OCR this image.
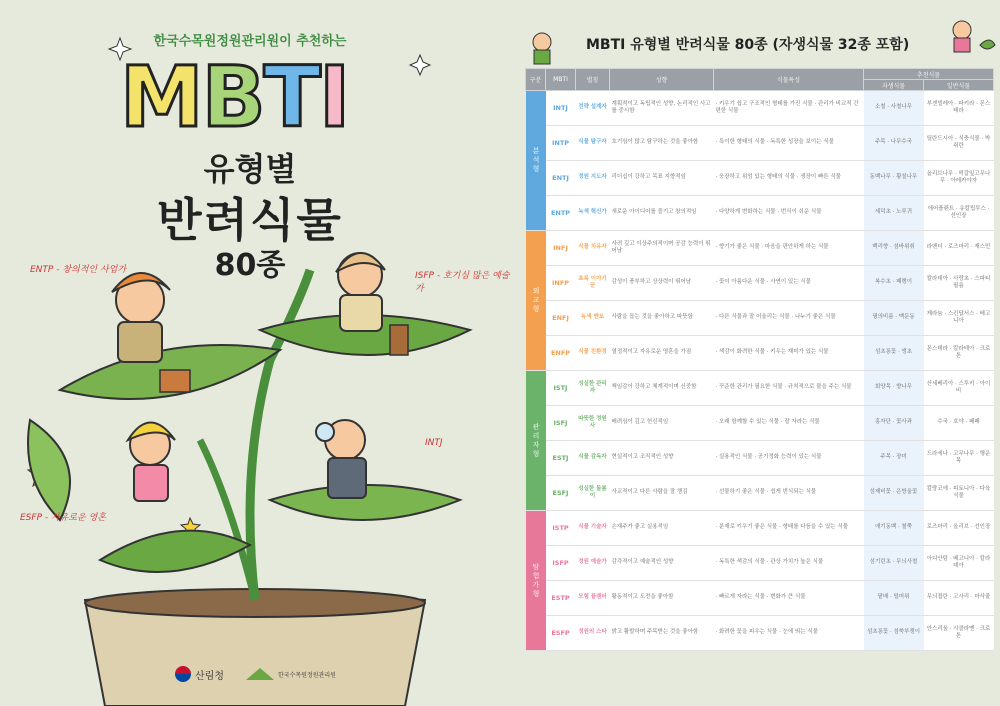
한국수목원정원관리원이 추천하는
MBTI
유형별
반려식물
80종
ENTP - 창의적인 사업가
ISFP - 호기심 많은 예술가
INTJ
ESFP - 자유로운 영혼
산림청	한국수목원정원관리원
MBTI 유형별 반려식물 80종 (자생식물 32종 포함)
구분	MBTI	별칭	성향	식물특성	추천식물	
					자생식물	일반식물
분석형	INTJ	전략 설계자	계획적이고 독립적인 성향, 논리적인 사고를 중시함	· 키우기 쉽고 구조적인 형태를 가진 식물 · 관리가 비교적 간편한 식물	소철 · 사철나무	부겐빌레아 · 파키라 · 몬스테라
	INTP	식물 탐구자	호기심이 많고 탐구하는 것을 좋아함	· 특이한 형태의 식물 · 독특한 성장을 보이는 식물	주목 · 나무수국	틸란드시아 · 식충식물 · 박쥐란
	ENTJ	정원 지도자	리더십이 강하고 목표 지향적임	· 웅장하고 위엄 있는 형태의 식물 · 생장이 빠른 식물	동백나무 · 황칠나무	올리브나무 · 떡갈잎고무나무 · 아레카야자
	ENTP	녹색 혁신가	새로운 아이디어를 즐기고 창의적임	· 다양하게 변화하는 식물 · 번식이 쉬운 식물	세덕초 · 노루귀	에어플랜트 · 유칼립투스 · 선인장
외교형	INFJ	식물 치유자	사려 깊고 이상주의적이며 공감 능력이 뛰어남	· 향기가 좋은 식물 · 마음을 편안하게 하는 식물	백리향 · 섬바위취	라벤더 · 로즈마리 · 재스민
	INFP	초록 이야기꾼	감성이 풍부하고 상상력이 뛰어남	· 꽃이 아름다운 식물 · 사연이 있는 식물	복수초 · 패랭이	칼라데아 · 사랑초 · 스파티필름
	ENFJ	녹색 멘토	사람을 돕는 것을 좋아하고 따뜻함	· 다른 식물과 잘 어울리는 식물 · 나누기 좋은 식물	꿩의비름 · 맥문동	제라늄 · 스킨답서스 · 베고니아
	ENFP	식물 친환경	열정적이고 자유로운 영혼을 가짐	· 색감이 화려한 식물 · 키우는 재미가 있는 식물	섬초롱꽃 · 앵초	몬스테라 · 칼라테아 · 크로톤
관리자형	ISTJ	성실한 관리자	책임감이 강하고 체계적이며 신중함	· 꾸준한 관리가 필요한 식물 · 규칙적으로 물을 주는 식물	회양목 · 향나무	산세베리아 · 스투키 · 아이비
	ISFJ	따뜻한 정원사	배려심이 깊고 헌신적임	· 오래 함께할 수 있는 식물 · 잘 자라는 식물	홍자단 · 꽃사과	수국 · 호야 · 페페
	ESTJ	식물 감독자	현실적이고 조직적인 성향	· 실용적인 식물 · 공기정화 능력이 있는 식물	주목 · 장미	드라세나 · 고무나무 · 행운목
	ESFJ	성실한 돌봄이	사교적이고 다른 사람을 잘 챙김	· 선물하기 좋은 식물 · 쉽게 번식되는 식물	섬제비꽃 · 은방울꽃	칼랑코에 · 피토니아 · 다육식물
탐험가형	ISTP	식물 기술자	손재주가 좋고 실용적임	· 분재로 키우기 좋은 식물 · 형태를 다듬을 수 있는 식물	애기동백 · 철쭉	로즈마리 · 올리브 · 선인장
	ISFP	정원 예술가	감각적이고 예술적인 성향	· 독특한 색감의 식물 · 관상 가치가 높은 식물	섬기린초 · 무늬사철	아디안텀 · 베고니아 · 칼라데아
	ESTP	모험 플랜터	활동적이고 도전을 좋아함	· 빠르게 자라는 식물 · 변화가 큰 식물	팥배 · 털머위	무늬접란 · 고사리 · 마삭줄
	ESFP	정원의 스타	밝고 활발하며 주목받는 것을 좋아함	· 화려한 꽃을 피우는 식물 · 눈에 띄는 식물	섬초롱꽃 · 섬쑥부쟁이	안스리움 · 시클라멘 · 크로톤
